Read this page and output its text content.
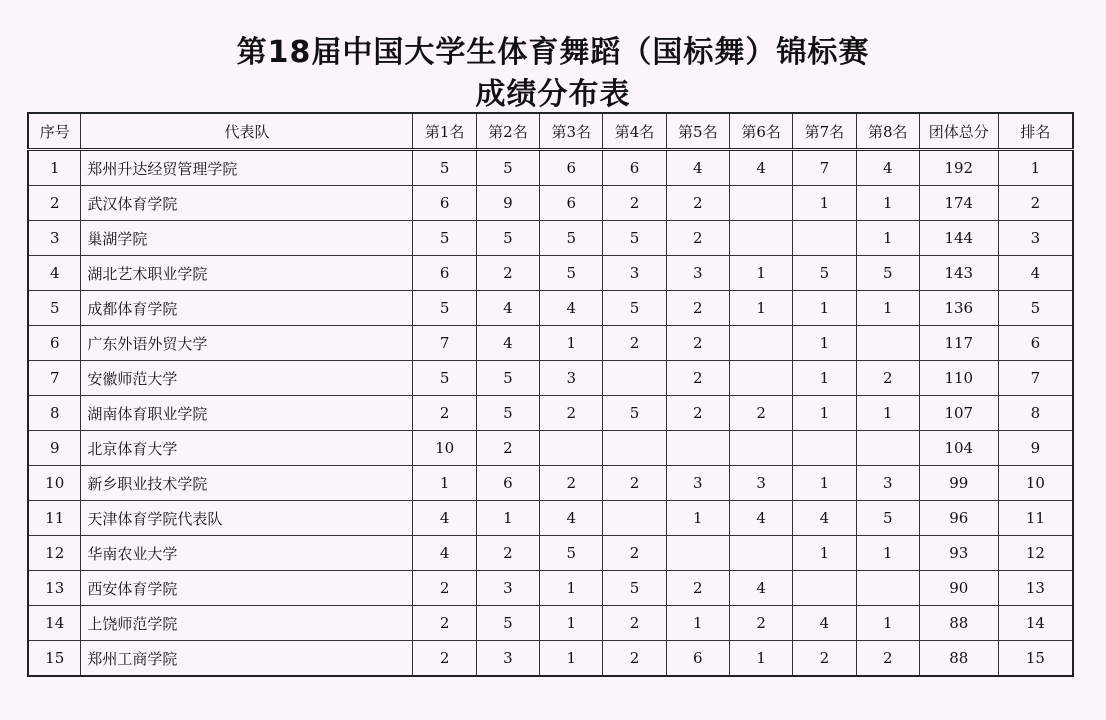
第18届中国大学生体育舞蹈（国标舞）锦标赛
成绩分布表
序号	代表队	第1名	第2名	第3名	第4名	第5名	第6名	第7名	第8名	团体总分	排名
1	郑州升达经贸管理学院	5	5	6	6	4	4	7	4	192	1
2	武汉体育学院	6	9	6	2	2		1	1	174	2
3	巢湖学院	5	5	5	5	2			1	144	3
4	湖北艺术职业学院	6	2	5	3	3	1	5	5	143	4
5	成都体育学院	5	4	4	5	2	1	1	1	136	5
6	广东外语外贸大学	7	4	1	2	2		1		117	6
7	安徽师范大学	5	5	3		2		1	2	110	7
8	湖南体育职业学院	2	5	2	5	2	2	1	1	107	8
9	北京体育大学	10	2							104	9
10	新乡职业技术学院	1	6	2	2	3	3	1	3	99	10
11	天津体育学院代表队	4	1	4		1	4	4	5	96	11
12	华南农业大学	4	2	5	2			1	1	93	12
13	西安体育学院	2	3	1	5	2	4			90	13
14	上饶师范学院	2	5	1	2	1	2	4	1	88	14
15	郑州工商学院	2	3	1	2	6	1	2	2	88	15
